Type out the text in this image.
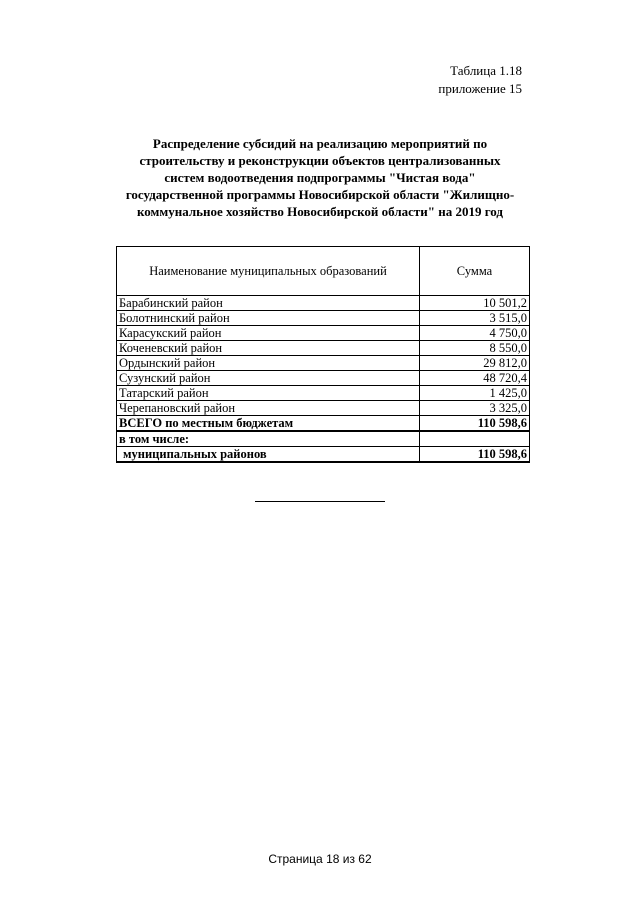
Таблица 1.18
приложение 15
Распределение субсидий на реализацию мероприятий по
строительству и реконструкции объектов централизованных
систем водоотведения подпрограммы "Чистая вода"
государственной программы Новосибирской области "Жилищно-
коммунальное хозяйство Новосибирской области" на 2019 год
Наименование муниципальных образований	Сумма
Барабинский район	10 501,2
Болотнинский район	3 515,0
Карасукский район	4 750,0
Коченевский район	8 550,0
Ордынский район	29 812,0
Сузунский район	48 720,4
Татарский район	1 425,0
Черепановский район	3 325,0
ВСЕГО по местным бюджетам	110 598,6
в том числе:	
муниципальных районов	110 598,6
Страница 18 из 62
